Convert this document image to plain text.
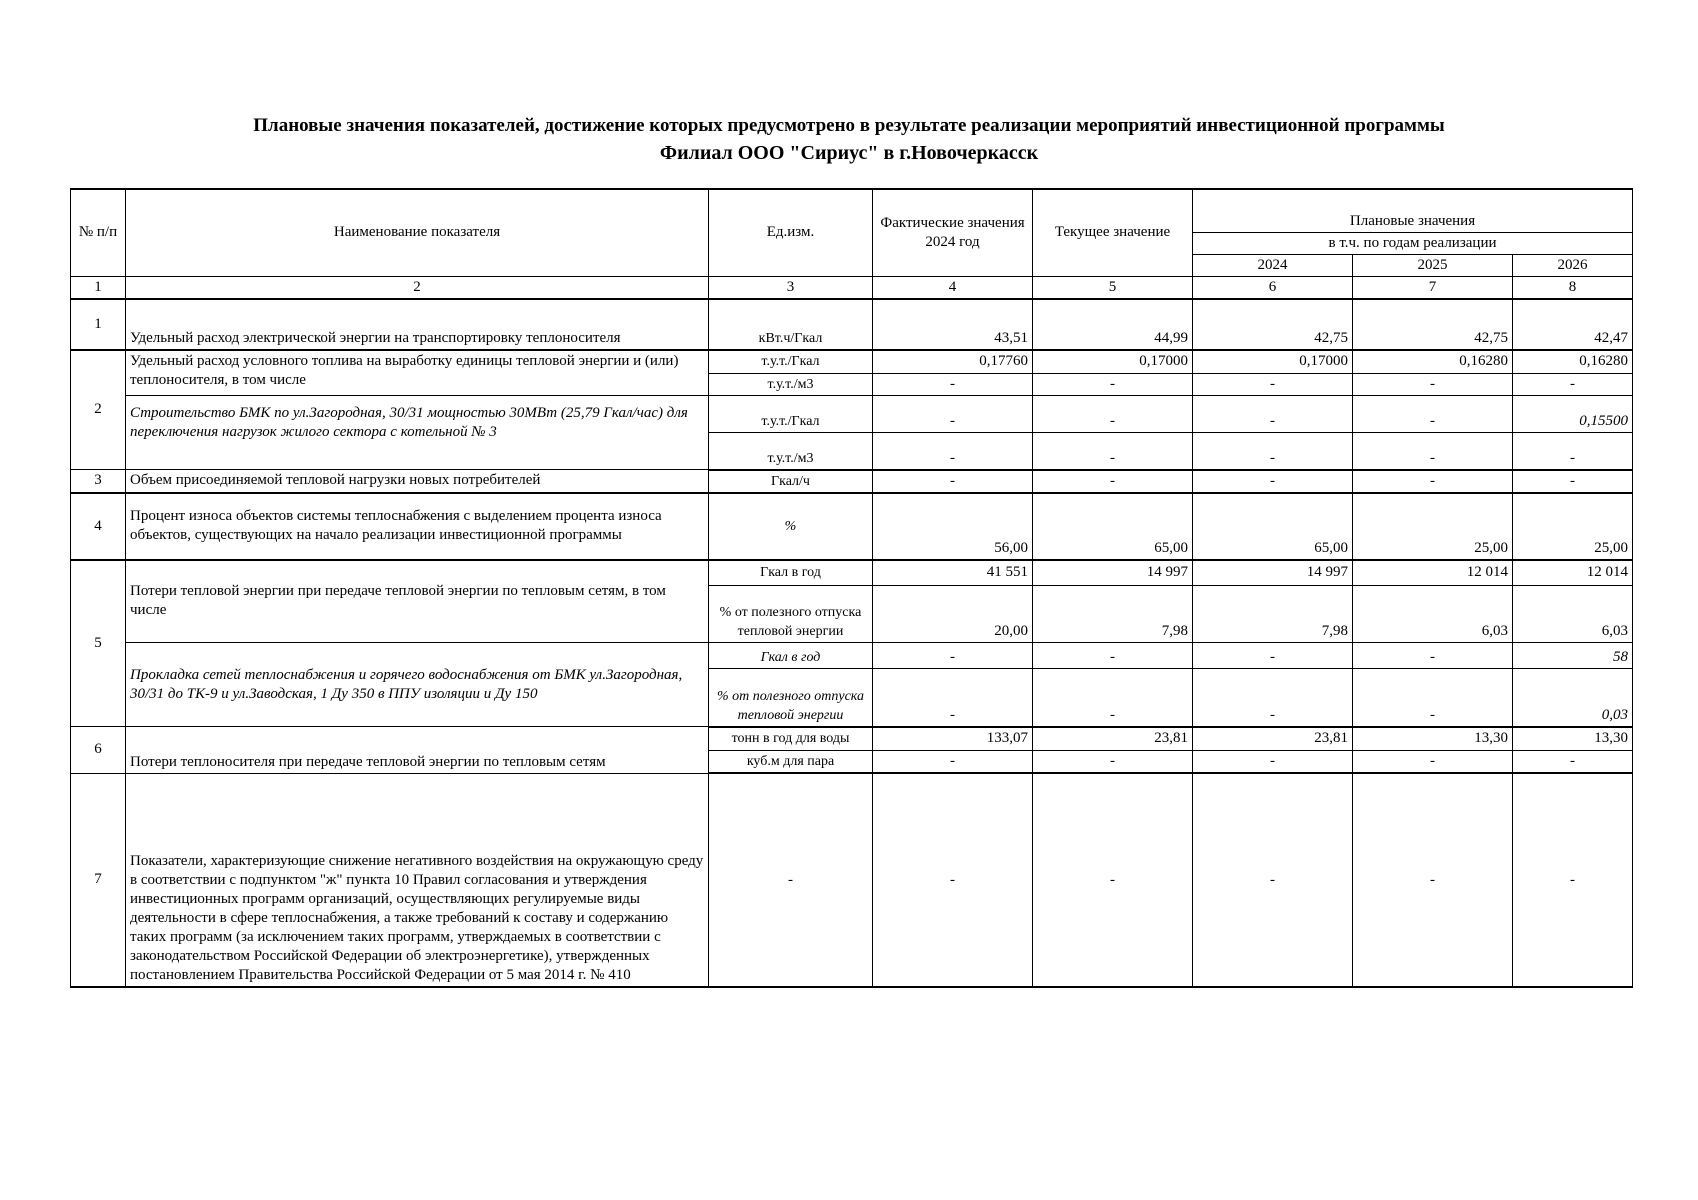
Плановые значения показателей, достижение которых предусмотрено в результате реализации мероприятий инвестиционной программы
Филиал ООО "Сириус" в г.Новочеркасск
№ п/п	Наименование показателя	Ед.изм.	Фактические значения 2024 год	Текущее значение	Плановые значения		
					в т.ч. по годам реализации		
					2024	2025	2026
1	2	3	4	5	6	7	8
1	Удельный расход электрической энергии на транспортировку теплоносителя	кВт.ч/Гкал	43,51	44,99	42,75	42,75	42,47
2	Удельный расход условного топлива на выработку единицы тепловой энергии и (или) теплоносителя, в том числе	т.у.т./Гкал	0,17760	0,17000	0,17000	0,16280	0,16280
		т.у.т./м3	-	-	-	-	-
	Строительство БМК по ул.Загородная, 30/31 мощностью 30МВт (25,79 Гкал/час) для переключения нагрузок жилого сектора с котельной № 3	т.у.т./Гкал	-	-	-	-	0,15500
		т.у.т./м3	-	-	-	-	-
3	Объем присоединяемой тепловой нагрузки новых потребителей	Гкал/ч	-	-	-	-	-
4	Процент износа объектов системы теплоснабжения с выделением процента износа объектов, существующих на начало реализации инвестиционной программы	%	56,00	65,00	65,00	25,00	25,00
5	Потери тепловой энергии при передаче тепловой энергии по тепловым сетям, в том числе	Гкал в год	41 551	14 997	14 997	12 014	12 014
		% от полезного отпуска тепловой энергии	20,00	7,98	7,98	6,03	6,03
	Прокладка сетей теплоснабжения и горячего водоснабжения от БМК ул.Загородная, 30/31 до ТК-9 и ул.Заводская, 1 Ду 350 в ППУ изоляции и Ду 150	Гкал в год	-	-	-	-	58
		% от полезного отпуска тепловой энергии	-	-	-	-	0,03
6	Потери теплоносителя при передаче тепловой энергии по тепловым сетям	тонн в год для воды	133,07	23,81	23,81	13,30	13,30
		куб.м для пара	-	-	-	-	-
7	Показатели, характеризующие снижение негативного воздействия на окружающую среду в соответствии с подпунктом "ж" пункта 10 Правил согласования и утверждения инвестиционных программ организаций, осуществляющих регулируемые виды деятельности в сфере теплоснабжения, а также требований к составу и содержанию таких программ (за исключением таких программ, утверждаемых в соответствии с законодательством Российской Федерации об электроэнергетике), утвержденных постановлением Правительства Российской Федерации от 5 мая 2014 г. № 410	-	-	-	-	-	-
